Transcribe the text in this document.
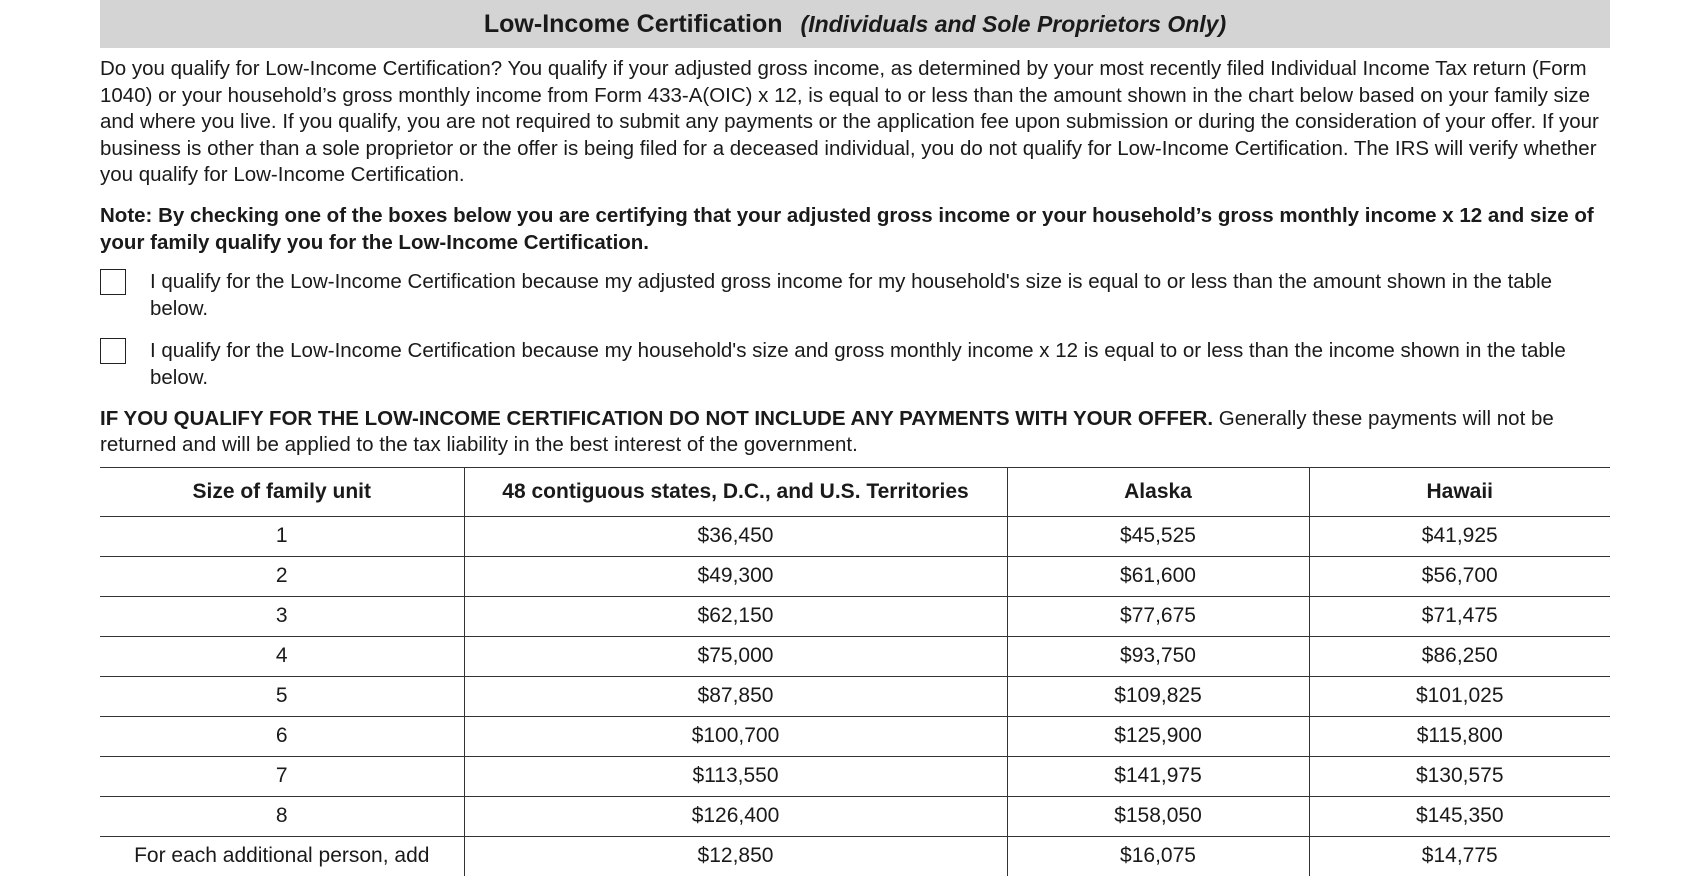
Low-Income Certification (Individuals and Sole Proprietors Only)
Do you qualify for Low-Income Certification? You qualify if your adjusted gross income, as determined by your most recently filed Individual Income Tax return (Form 1040) or your household’s gross monthly income from Form 433-A(OIC) x 12, is equal to or less than the amount shown in the chart below based on your family size and where you live. If you qualify, you are not required to submit any payments or the application fee upon submission or during the consideration of your offer. If your business is other than a sole proprietor or the offer is being filed for a deceased individual, you do not qualify for Low-Income Certification. The IRS will verify whether you qualify for Low-Income Certification.
Note: By checking one of the boxes below you are certifying that your adjusted gross income or your household’s gross monthly income x 12 and size of your family qualify you for the Low-Income Certification.
I qualify for the Low-Income Certification because my adjusted gross income for my household's size is equal to or less than the amount shown in the table below.
I qualify for the Low-Income Certification because my household's size and gross monthly income x 12 is equal to or less than the income shown in the table below.
IF YOU QUALIFY FOR THE LOW-INCOME CERTIFICATION DO NOT INCLUDE ANY PAYMENTS WITH YOUR OFFER. Generally these payments will not be returned and will be applied to the tax liability in the best interest of the government.
Size of family unit	48 contiguous states, D.C., and U.S. Territories	Alaska	Hawaii
1	$36,450	$45,525	$41,925
2	$49,300	$61,600	$56,700
3	$62,150	$77,675	$71,475
4	$75,000	$93,750	$86,250
5	$87,850	$109,825	$101,025
6	$100,700	$125,900	$115,800
7	$113,550	$141,975	$130,575
8	$126,400	$158,050	$145,350
For each additional person, add	$12,850	$16,075	$14,775
